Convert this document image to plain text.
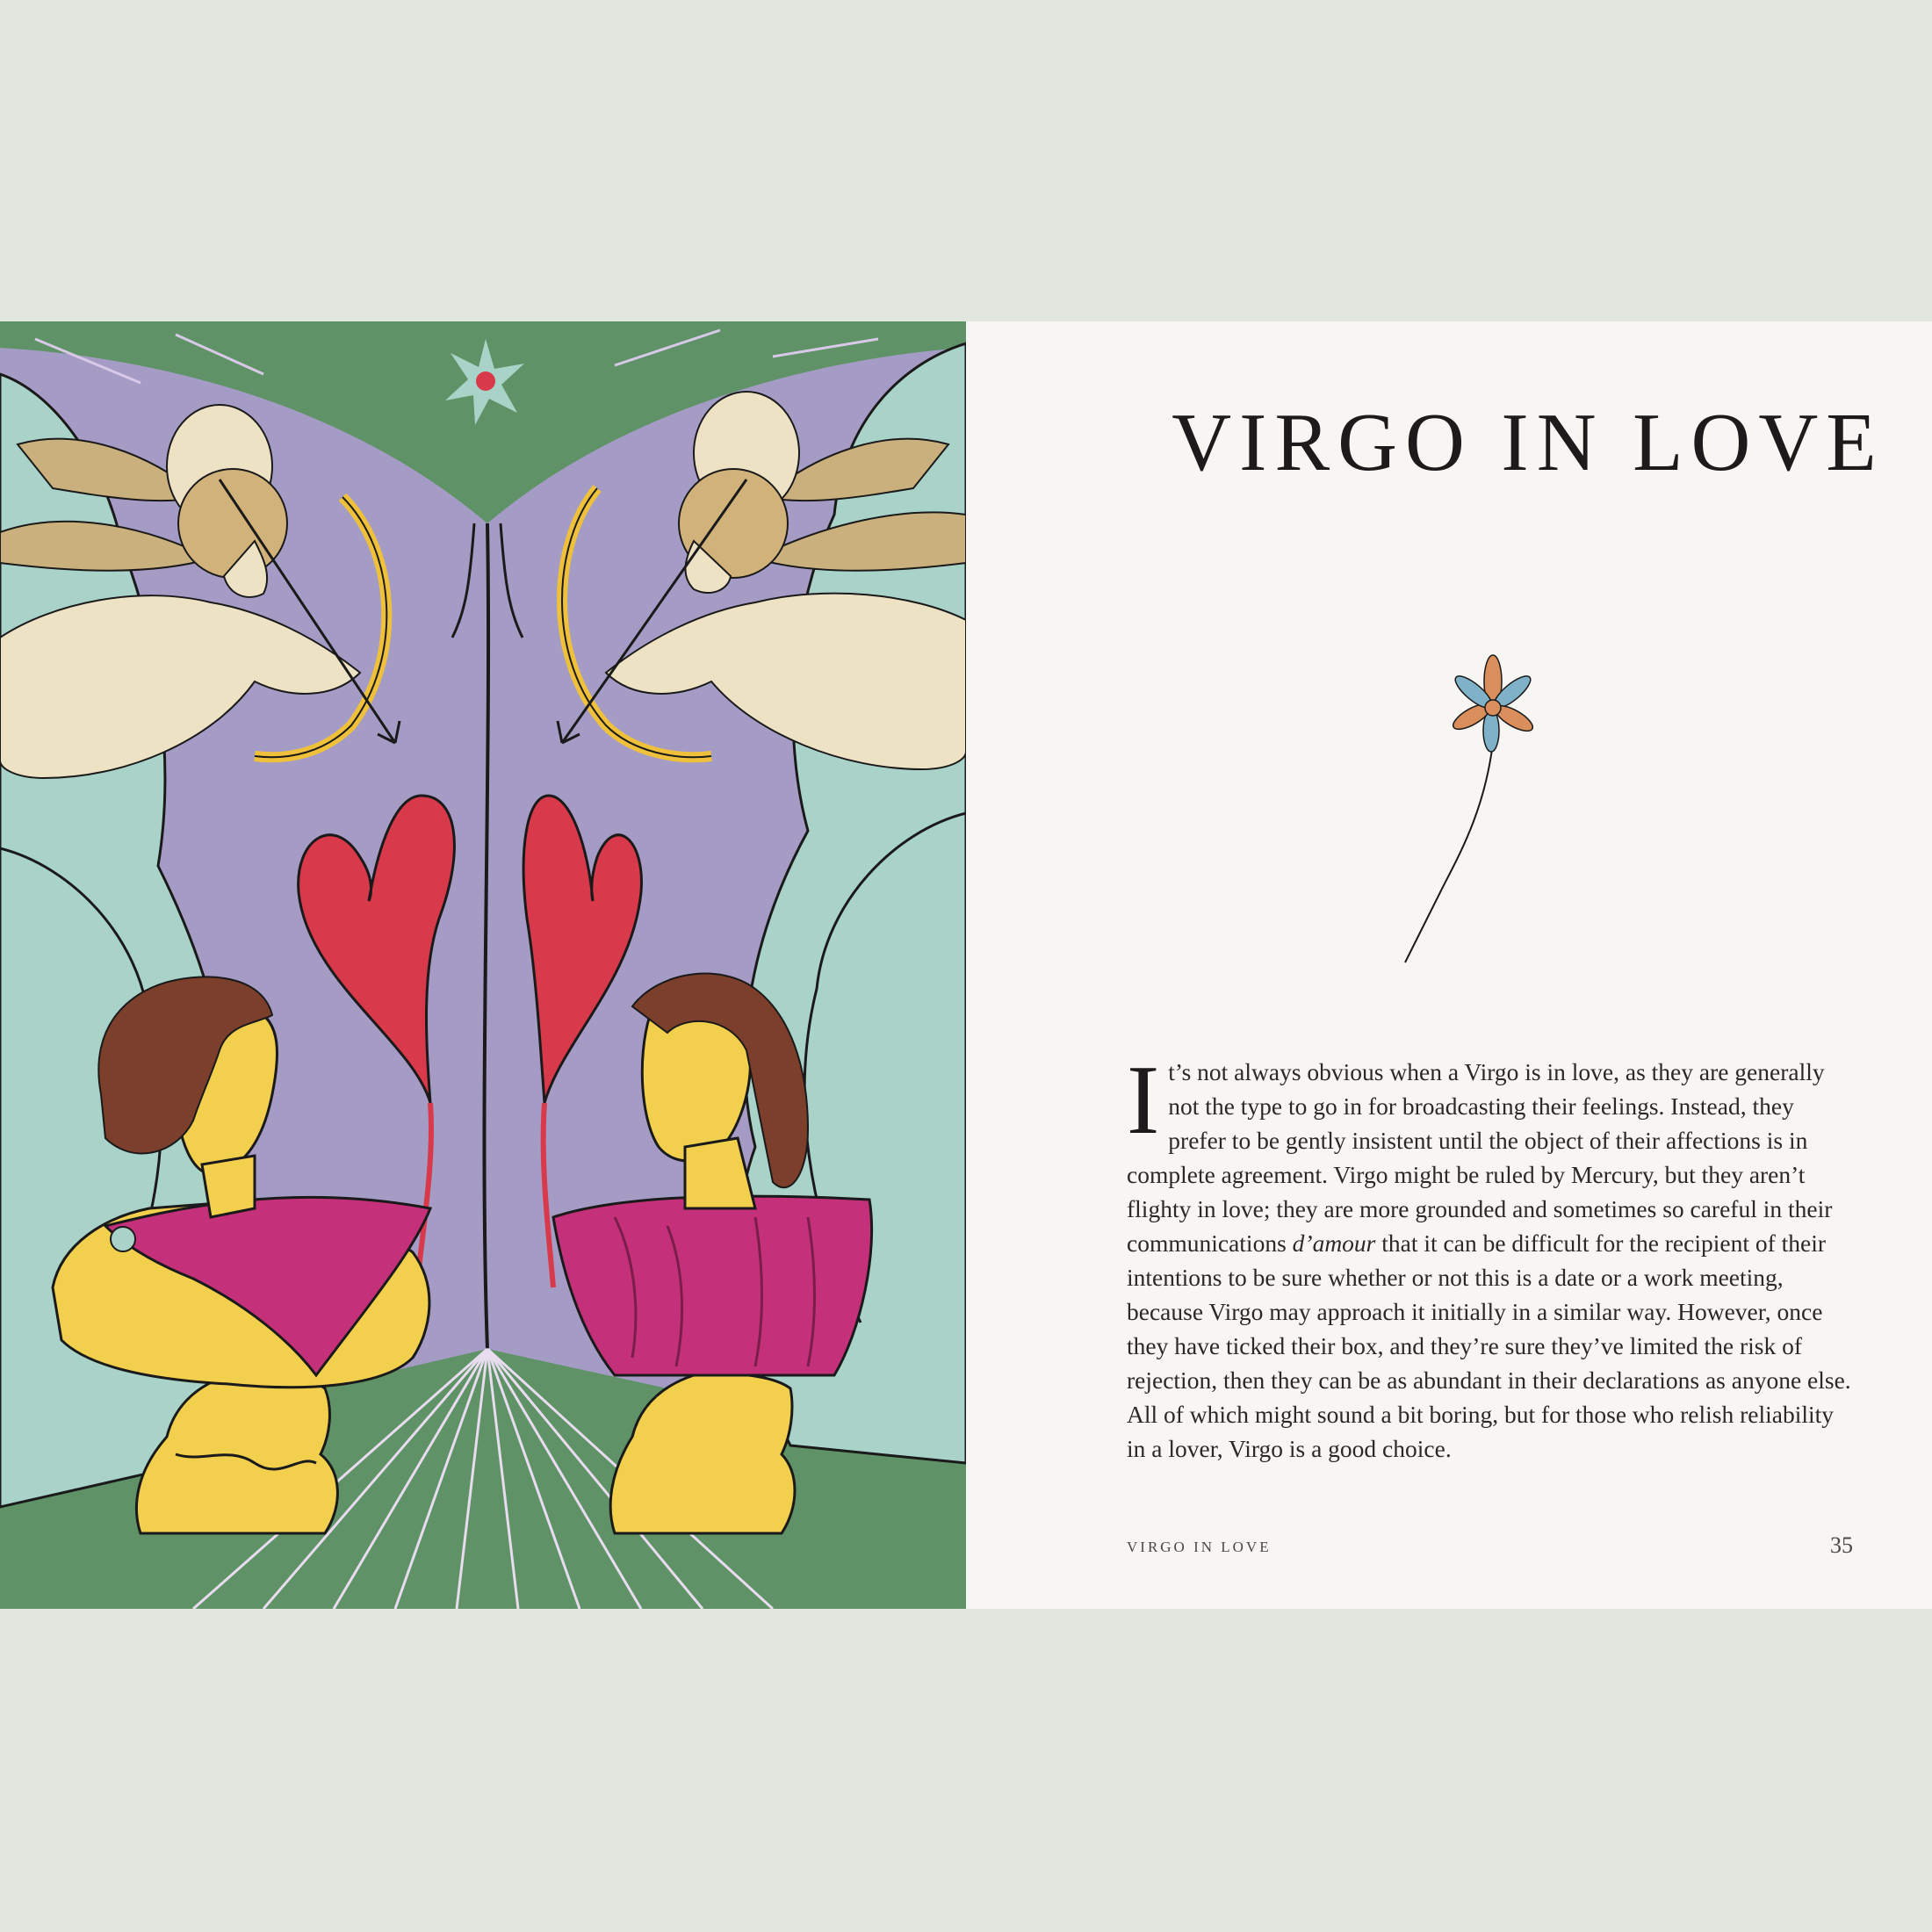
VIRGO IN LOVE

It’s not always obvious when a Virgo is in love, as they are generally not the type to go in for broadcasting their feelings. Instead, they prefer to be gently insistent until the object of their affections is in complete agreement. Virgo might be ruled by Mercury, but they aren’t flighty in love; they are more grounded and sometimes so careful in their communications d’amour that it can be difficult for the recipient of their intentions to be sure whether or not this is a date or a work meeting, because Virgo may approach it initially in a similar way. However, once they have ticked their box, and they’re sure they’ve limited the risk of rejection, then they can be as abundant in their declarations as anyone else. All of which might sound a bit boring, but for those who relish reliability in a lover, Virgo is a good choice.

VIRGO IN LOVE	35
